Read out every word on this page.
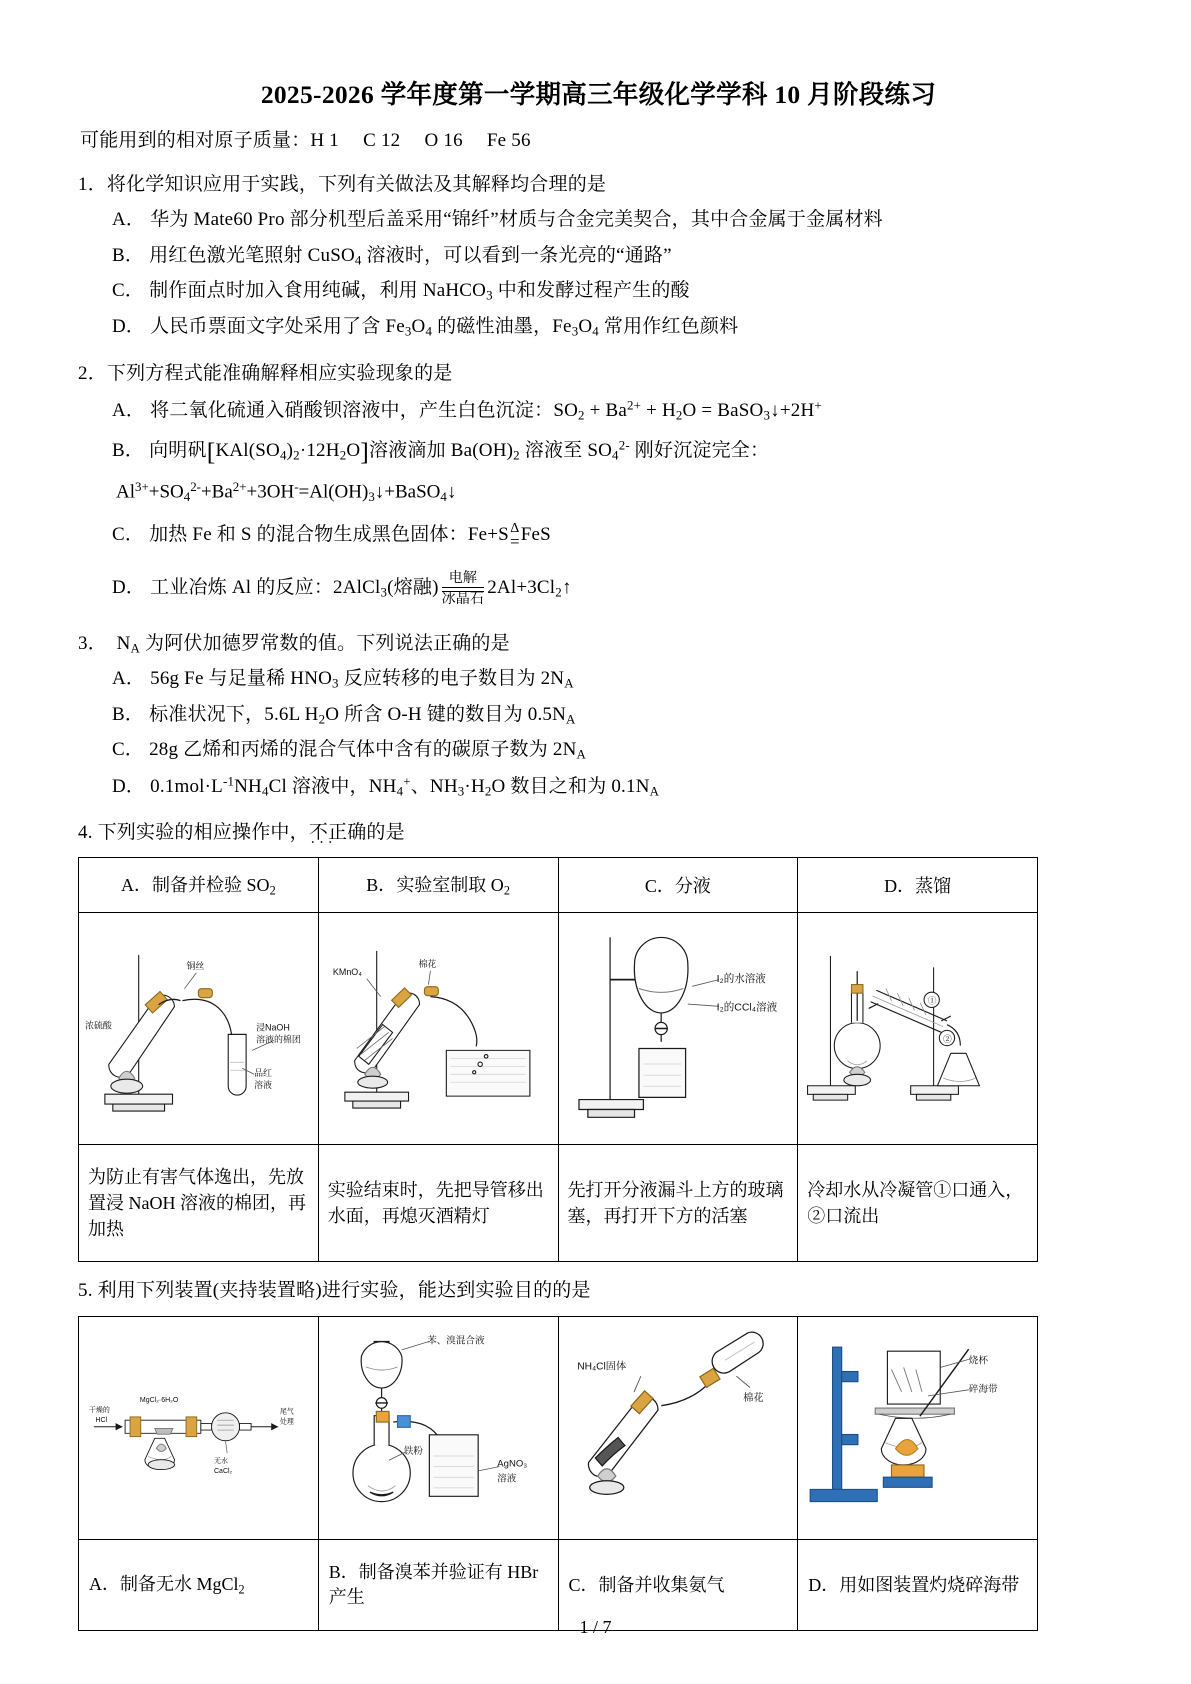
2025-2026 学年度第一学期高三年级化学学科 10 月阶段练习
可能用到的相对原子质量：H 1　 C 12　 O 16　 Fe 56
1．将化学知识应用于实践，下列有关做法及其解释均合理的是
A． 华为 Mate60 Pro 部分机型后盖采用“锦纤”材质与合金完美契合，其中合金属于金属材料
B． 用红色激光笔照射 CuSO$_4$ 溶液时，可以看到一条光亮的“通路”
C． 制作面点时加入食用纯碱，利用 NaHCO$_3$ 中和发酵过程产生的酸
D． 人民币票面文字处采用了含 $Fe_3O_4$ 的磁性油墨，$Fe_3O_4$ 常用作红色颜料
2．下列方程式能准确解释相应实验现象的是
A． 将二氧化硫通入硝酸钡溶液中，产生白色沉淀：$SO_2 + Ba^{2+} + H_2O$ = BaSO$_3$↓+2H+
B． 向明矾$[KAl(SO_4)_2\cdot 12H_2O]$溶液滴加 $Ba(OH)_2$ 溶液至 $SO_4^{2-}$ 刚好沉淀完全：
$Al^{3+}+SO_4^{2-}+Ba^{2+}+3OH^-=Al(OH)_3↓+BaSO_4↓$
C． 加热 Fe 和 S 的混合物生成黑色固体：Fe+S Δ
= FeS
D． 工业冶炼 Al 的反应：2AlCl$_3$(熔融) 电解
冰晶石
$2Al+3Cl_2↑$
3．　$N_A$ 为阿伏加德罗常数的值。下列说法正确的是
A． 56g Fe 与足量稀 $HNO_3$ 反应转移的电子数目为 $2N_A$
B． 标准状况下，5.6L $H_2O$ 所含 O-H 键的数目为 $0.5N_A$
C． 28g 乙烯和丙烯的混合气体中含有的碳原子数为 $2N_A$
D． $0.1mol\cdot L^{-1}NH_4Cl$ 溶液中，$NH_4^+$、$NH_3\cdot H_2O$ 数目之和为 $0.1N_A$
4. 下列实验的相应操作中，不正确 ∙∙∙的是
A．制备并检验 $SO_2$	B．实验室制取 $O_2$	C．分液	D．蒸馏

铜丝
浓硫酸	浸NaOH
溶液的棉团
品红
溶液

KMnO₄
棉花

I₂的水溶液
I₂的CCl₄溶液

①
②

为防止有害气体逸出，先放置浸 NaOH 溶液的棉团，再加热	实验结束时，先把导管移出水面，再熄灭酒精灯	先打开分液漏斗上方的玻璃塞，再打开下方的活塞	冷却水从冷凝管①口通入，②口流出
5. 利用下列装置(夹持装置略)进行实验，能达到实验目的的是
干燥的
HCl
MgCl₂·6H₂O
尾气
处理
无水
CaCl₂

苯、溴混合液
铁粉
AgNO₃
溶液

NH₄Cl固体
棉花

烧杯
碎海带

A．制备无水 MgCl$_2$	B．制备溴苯并验证有 HBr 产生	C．制备并收集氨气	D．用如图装置灼烧碎海带
1 / 7
